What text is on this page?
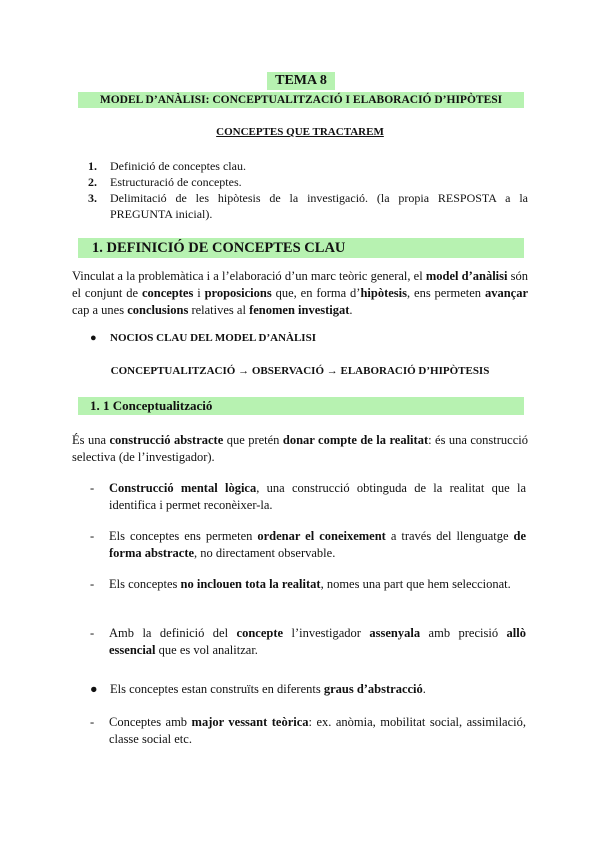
TEMA 8
MODEL D’ANÀLISI: CONCEPTUALITZACIÓ I ELABORACIÓ D’HIPÒTESI
CONCEPTES QUE TRACTAREM
1.	Definició de conceptes clau.
2.	Estructuració de conceptes.
3.	Delimitació de les hipòtesis de la investigació. (la propia RESPOSTA a la PREGUNTA inicial).
1. DEFINICIÓ DE CONCEPTES CLAU
Vinculat a la problemàtica i a l’elaboració d’un marc teòric general, el model d’anàlisi són el conjunt de conceptes i proposicions que, en forma d’hipòtesis, ens permeten avançar cap a unes conclusions relatives al fenomen investigat.
● NOCIOS CLAU DEL MODEL D’ANÀLISI
CONCEPTUALITZACIÓ → OBSERVACIÓ → ELABORACIÓ D’HIPÒTESIS
1. 1 Conceptualització
És una construcció abstracte que pretén donar compte de la realitat: és una construcció selectiva (de l’investigador).
-	Construcció mental lògica, una construcció obtinguda de la realitat que la identifica i permet reconèixer-la.
-	Els conceptes ens permeten ordenar el coneixement a través del llenguatge de forma abstracte, no directament observable.
-	Els conceptes no inclouen tota la realitat, nomes una part que hem seleccionat.
-	Amb la definició del concepte l’investigador assenyala amb precisió allò essencial que es vol analitzar.
● Els conceptes estan construïts en diferents graus d’abstracció.
-	Conceptes amb major vessant teòrica: ex. anòmia, mobilitat social, assimilació, classe social etc.
